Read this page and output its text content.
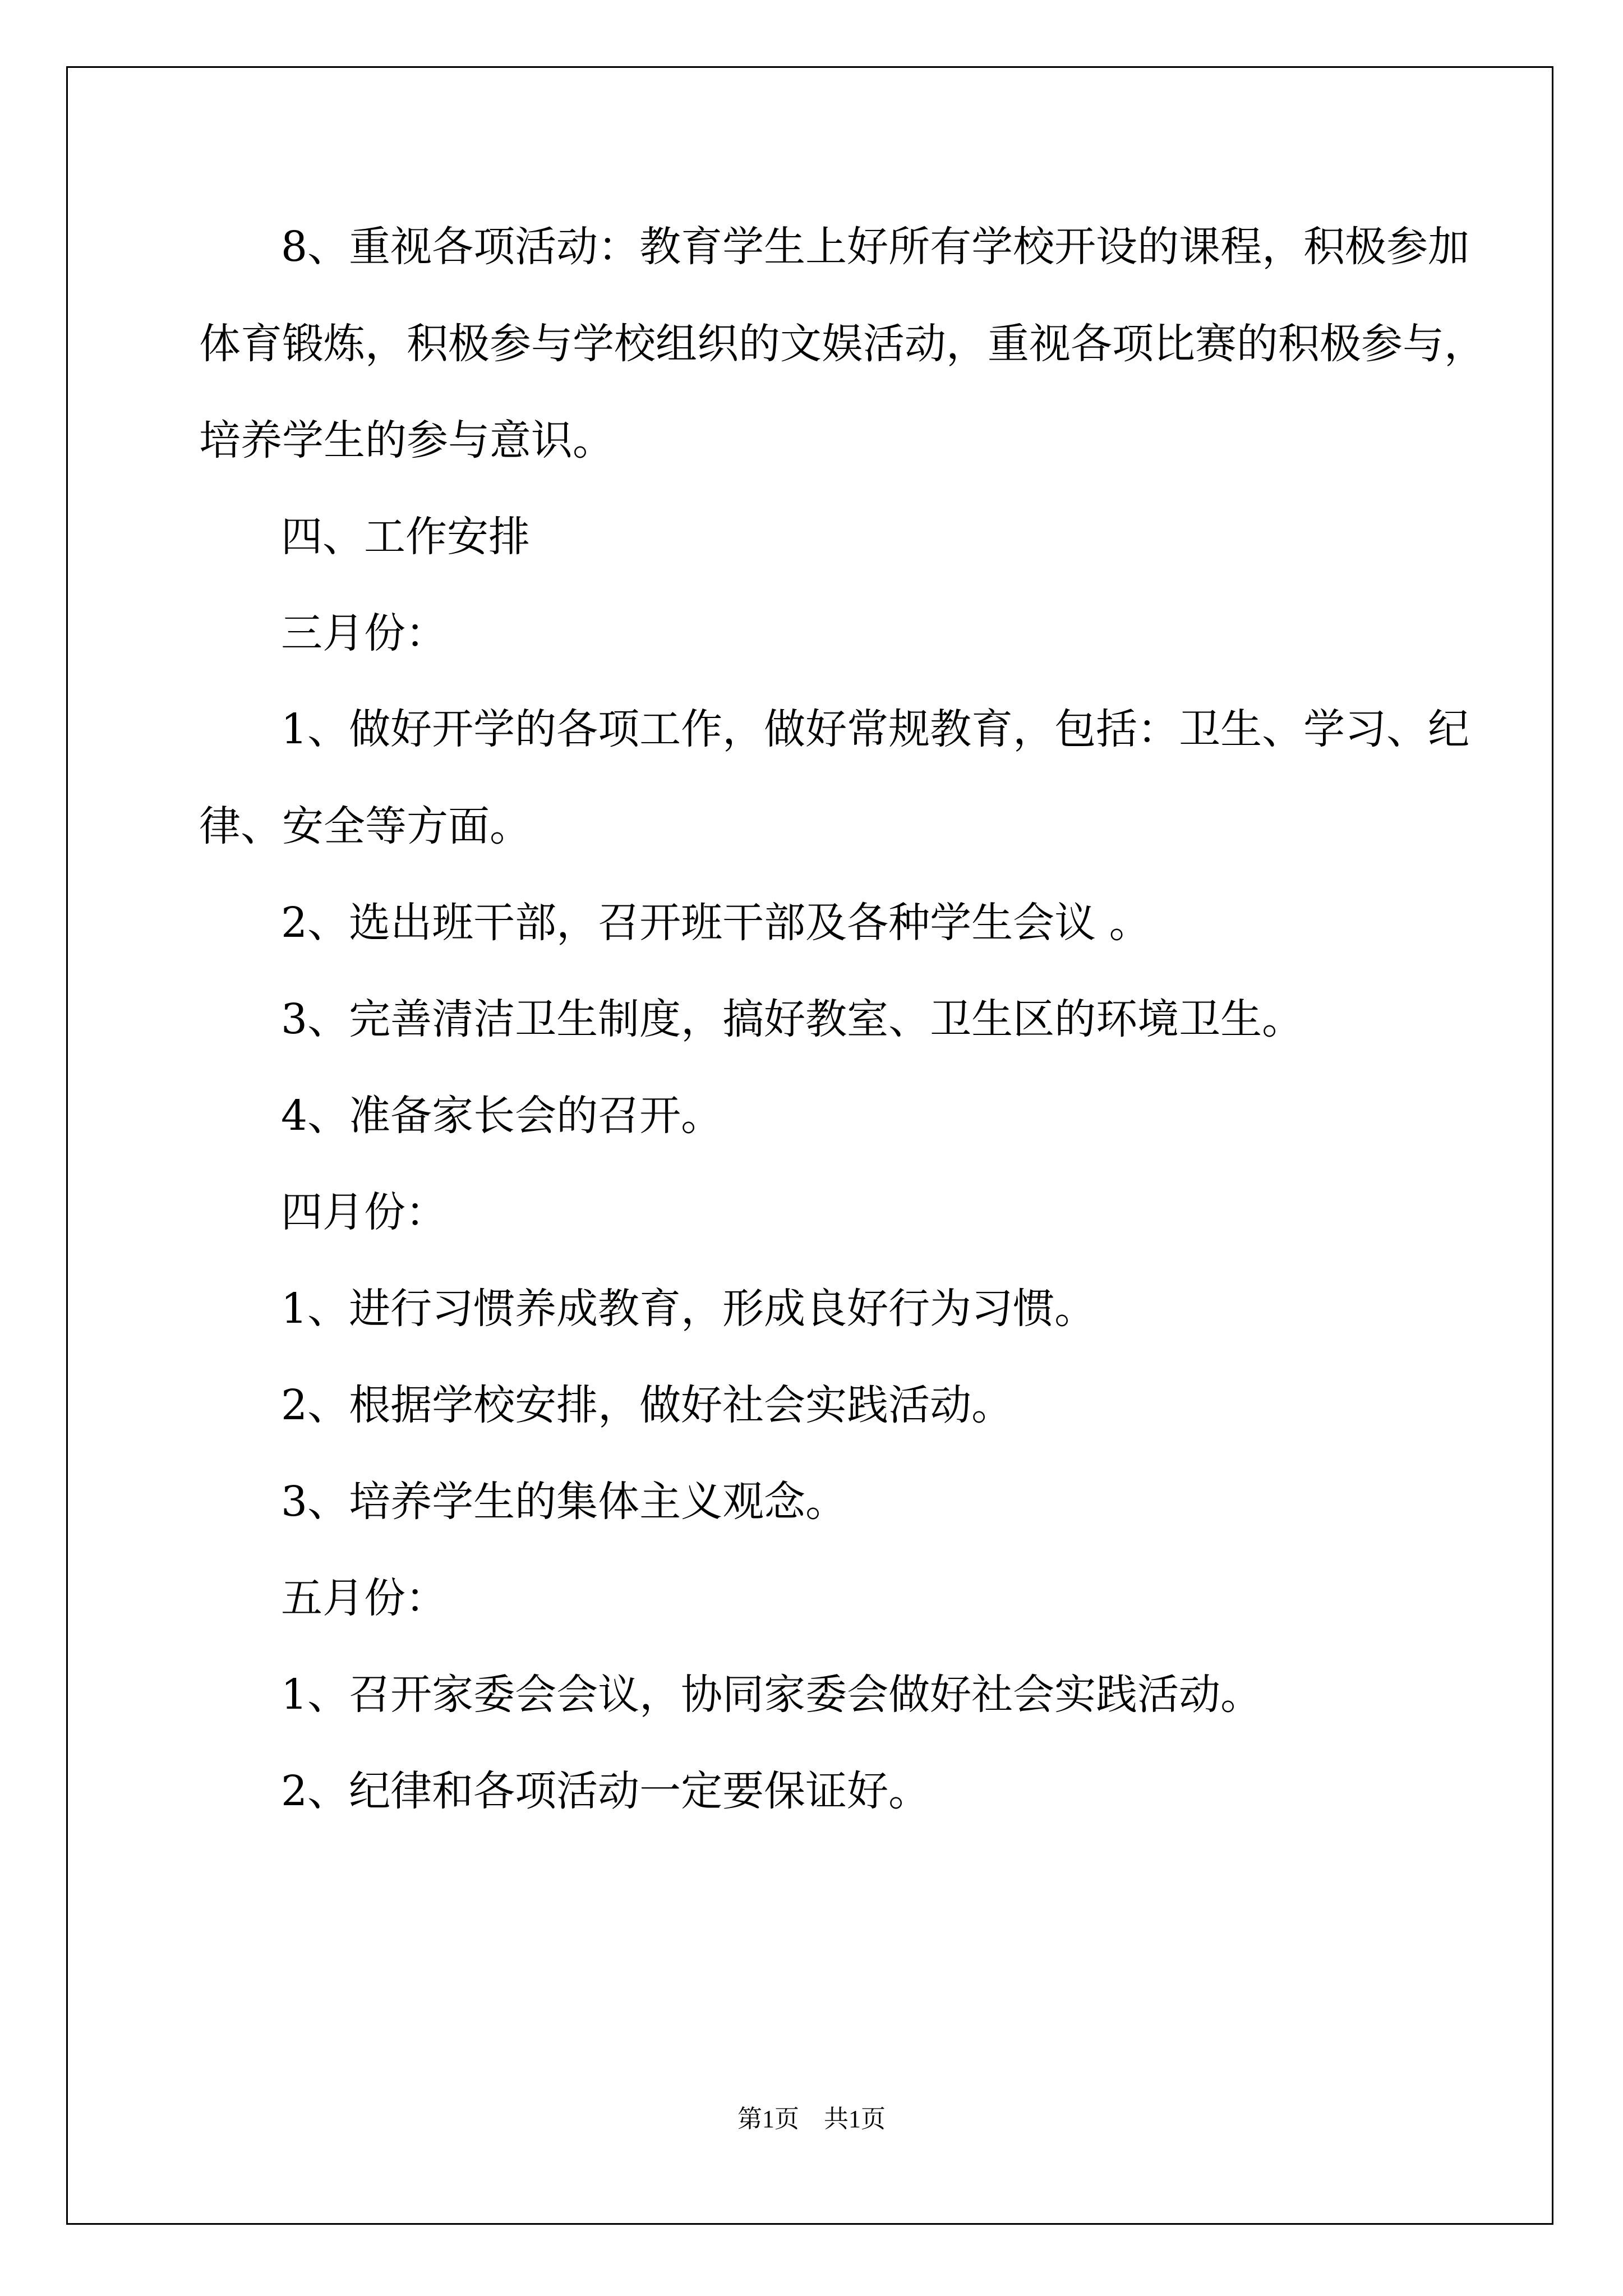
8、重视各项活动：教育学生上好所有学校开设的课程，积极参加
体育锻炼，积极参与学校组织的文娱活动，重视各项比赛的积极参与，
培养学生的参与意识。
四、工作安排
三月份：
1、做好开学的各项工作，做好常规教育，包括：卫生、学习、纪
律、安全等方面。
2、选出班干部，召开班干部及各种学生会议 。
3、完善清洁卫生制度，搞好教室、卫生区的环境卫生。
4、准备家长会的召开。
四月份：
1、进行习惯养成教育，形成良好行为习惯。
2、根据学校安排，做好社会实践活动。
3、培养学生的集体主义观念。
五月份：
1、召开家委会会议，协同家委会做好社会实践活动。
2、纪律和各项活动一定要保证好。
第1页　共1页
